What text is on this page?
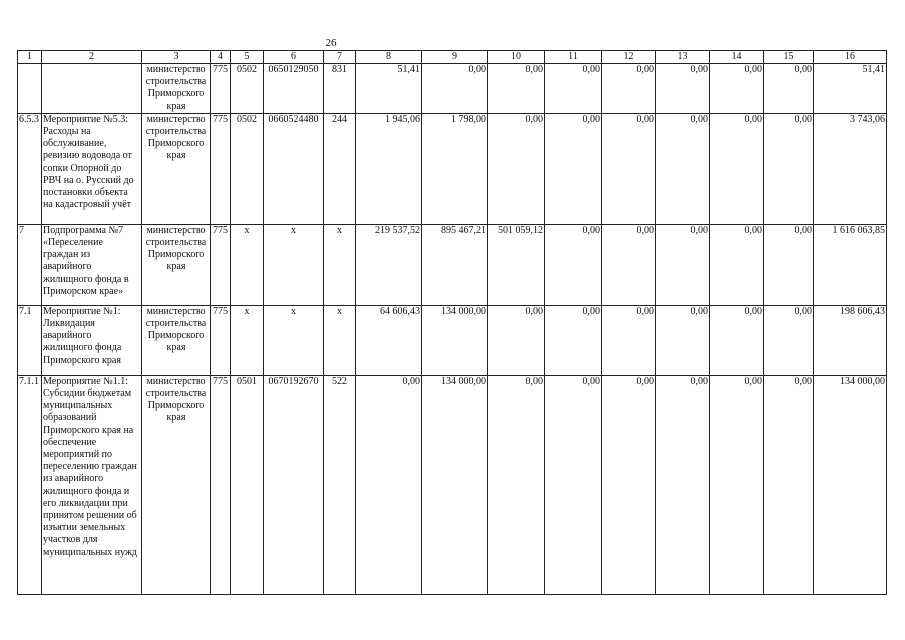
26
1	2	3	4	5	6	7	8	9	10	11	12	13	14	15	16
		министерство строительства Приморского края	775	0502	0650129050	831	51,41	0,00	0,00	0,00	0,00	0,00	0,00	0,00	51,41
6.5.3	Мероприятие №5.3: Расходы на обслуживание, ревизию водовода от сопки Опорной до РВЧ на о. Русский до постановки объекта на кадастровый учёт	министерство строительства Приморского края	775	0502	0660524480	244	1 945,06	1 798,00	0,00	0,00	0,00	0,00	0,00	0,00	3 743,06
7	Подпрограмма №7 «Переселение граждан из аварийного жилищного фонда в Приморском крае»	министерство строительства Приморского края	775	x	x	x	219 537,52	895 467,21	501 059,12	0,00	0,00	0,00	0,00	0,00	1 616 063,85
7.1	Мероприятие №1: Ликвидация аварийного жилищного фонда Приморского края	министерство строительства Приморского края	775	x	x	x	64 606,43	134 000,00	0,00	0,00	0,00	0,00	0,00	0,00	198 606,43
7.1.1	Мероприятие №1.1: Субсидии бюджетам муниципальных образований Приморского края на обеспечение мероприятий по переселению граждан из аварийного жилищного фонда и его ликвидации при принятом решении об изъятии земельных участков для муниципальных нужд	министерство строительства Приморского края	775	0501	0670192670	522	0,00	134 000,00	0,00	0,00	0,00	0,00	0,00	0,00	134 000,00
